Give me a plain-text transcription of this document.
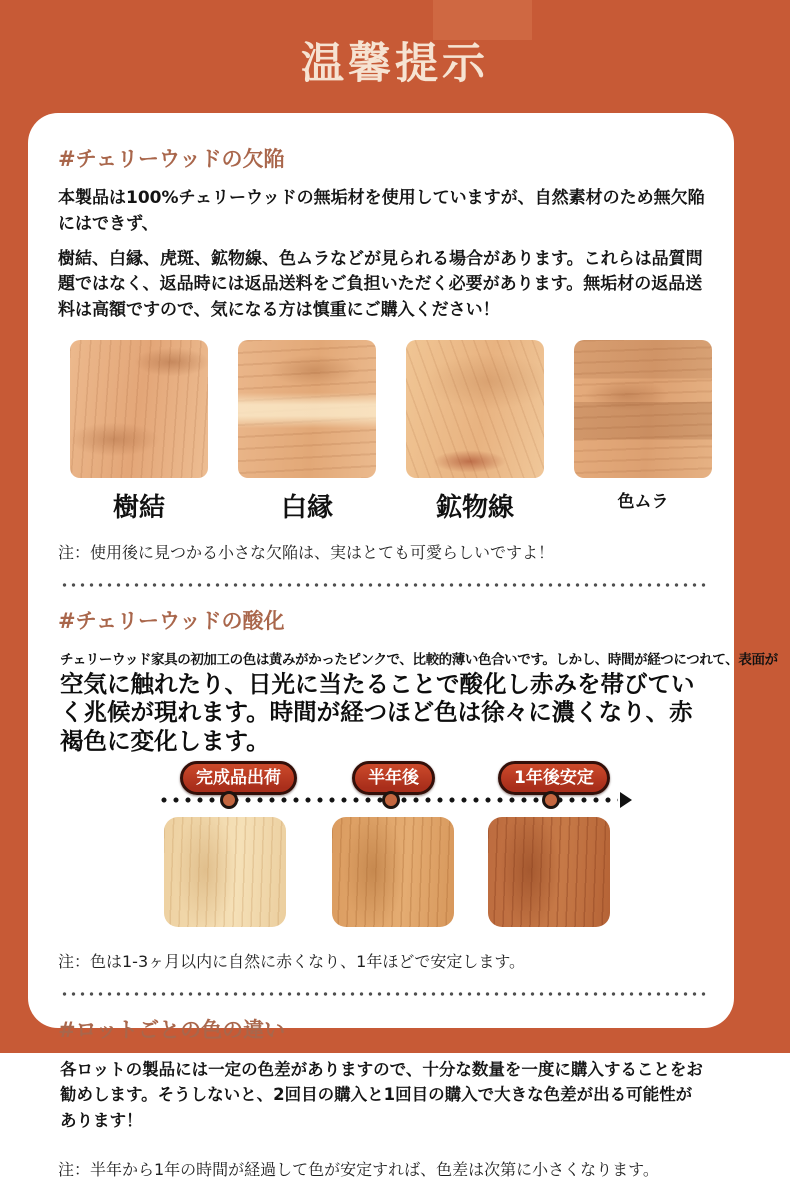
温馨提示
#チェリーウッドの欠陥

本製品は100%チェリーウッドの無垢材を使用していますが、自然素材のため無欠陥にはできず、

樹結、白縁、虎斑、鉱物線、色ムラなどが見られる場合があります。これらは品質問題ではなく、返品時には返品送料をご負担いただく必要があります。無垢材の返品送料は高額ですので、気になる方は慎重にご購入ください！

樹結	白縁	鉱物線	色ムラ

注：使用後に見つかる小さな欠陥は、実はとても可愛らしいですよ！

#チェリーウッドの酸化

チェリーウッド家具の初加工の色は黄みがかったピンクで、比較的薄い色合いです。しかし、時間が経つにつれて、表面が

空気に触れたり、日光に当たることで酸化し赤みを帯びていく兆候が現れます。時間が経つほど色は徐々に濃くなり、赤褐色に変化します。

完成品出荷	半年後	1年後安定

注：色は1-3ヶ月以内に自然に赤くなり、1年ほどで安定します。

#ロットごとの色の違い

各ロットの製品には一定の色差がありますので、十分な数量を一度に購入することをお勧めします。そうしないと、2回目の購入と1回目の購入で大きな色差が出る可能性があります！

注：半年から1年の時間が経過して色が安定すれば、色差は次第に小さくなります。
